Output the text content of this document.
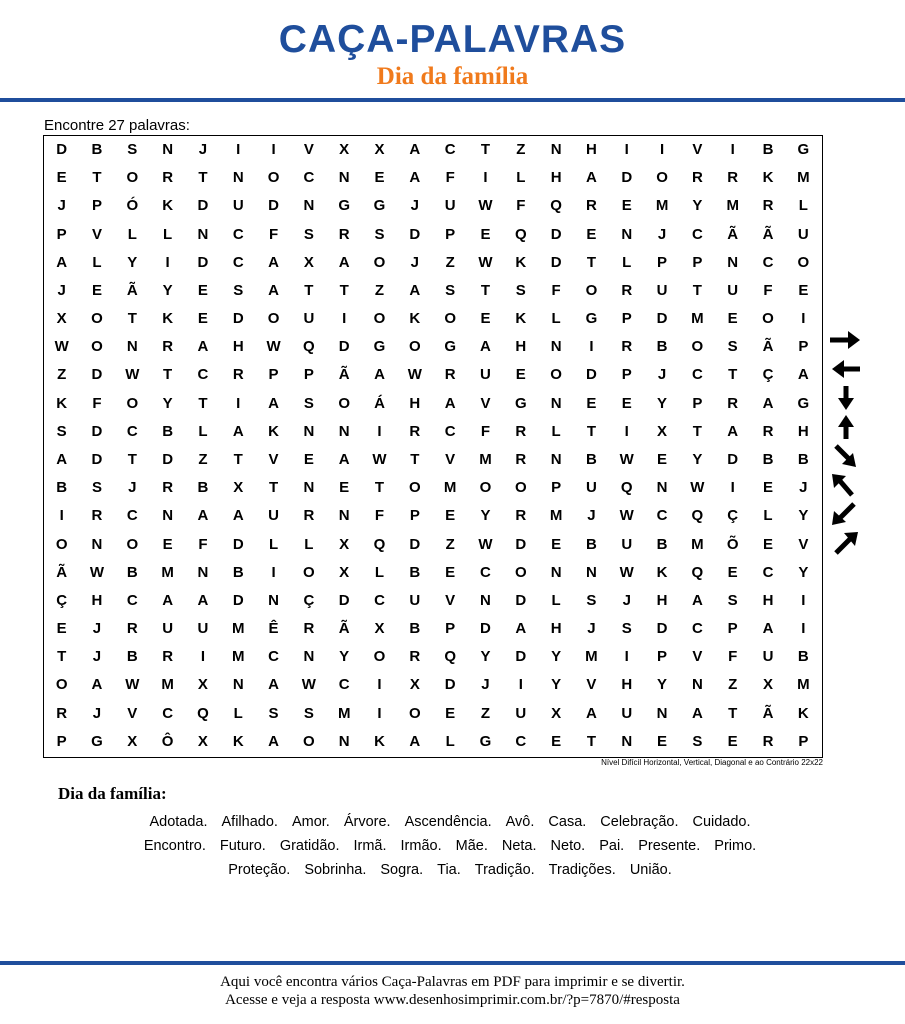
CAÇA-PALAVRAS
Dia da família
Encontre 27 palavras:
D	B	S	N	J	I	I	V	X	X	A	C	T	Z	N	H	I	I	V	I	B	G
E	T	O	R	T	N	O	C	N	E	A	F	I	L	H	A	D	O	R	R	K	M
J	P	Ó	K	D	U	D	N	G	G	J	U	W	F	Q	R	E	M	Y	M	R	L
P	V	L	L	N	C	F	S	R	S	D	P	E	Q	D	E	N	J	C	Ã	Ã	U
A	L	Y	I	D	C	A	X	A	O	J	Z	W	K	D	T	L	P	P	N	C	O
J	E	Ã	Y	E	S	A	T	T	Z	A	S	T	S	F	O	R	U	T	U	F	E
X	O	T	K	E	D	O	U	I	O	K	O	E	K	L	G	P	D	M	E	O	I
W	O	N	R	A	H	W	Q	D	G	O	G	A	H	N	I	R	B	O	S	Ã	P
Z	D	W	T	C	R	P	P	Ã	A	W	R	U	E	O	D	P	J	C	T	Ç	A
K	F	O	Y	T	I	A	S	O	Á	H	A	V	G	N	E	E	Y	P	R	A	G
S	D	C	B	L	A	K	N	N	I	R	C	F	R	L	T	I	X	T	A	R	H
A	D	T	D	Z	T	V	E	A	W	T	V	M	R	N	B	W	E	Y	D	B	B
B	S	J	R	B	X	T	N	E	T	O	M	O	O	P	U	Q	N	W	I	E	J
I	R	C	N	A	A	U	R	N	F	P	E	Y	R	M	J	W	C	Q	Ç	L	Y
O	N	O	E	F	D	L	L	X	Q	D	Z	W	D	E	B	U	B	M	Õ	E	V
Ã	W	B	M	N	B	I	O	X	L	B	E	C	O	N	N	W	K	Q	E	C	Y
Ç	H	C	A	A	D	N	Ç	D	C	U	V	N	D	L	S	J	H	A	S	H	I
E	J	R	U	U	M	Ê	R	Ã	X	B	P	D	A	H	J	S	D	C	P	A	I
T	J	B	R	I	M	C	N	Y	O	R	Q	Y	D	Y	M	I	P	V	F	U	B
O	A	W	M	X	N	A	W	C	I	X	D	J	I	Y	V	H	Y	N	Z	X	M
R	J	V	C	Q	L	S	S	M	I	O	E	Z	U	X	A	U	N	A	T	Ã	K
P	G	X	Ô	X	K	A	O	N	K	A	L	G	C	E	T	N	E	S	E	R	P
Nível Difícil Horizontal, Vertical, Diagonal e ao Contrário 22x22
Dia da família:
Adotada. Afilhado. Amor. Árvore. Ascendência. Avô. Casa. Celebração. Cuidado.
Encontro. Futuro. Gratidão. Irmã. Irmão. Mãe. Neta. Neto. Pai. Presente. Primo.
Proteção. Sobrinha. Sogra. Tia. Tradição. Tradições. União.
Aqui você encontra vários Caça-Palavras em PDF para imprimir e se divertir.
Acesse e veja a resposta www.desenhosimprimir.com.br/?p=7870/#resposta
